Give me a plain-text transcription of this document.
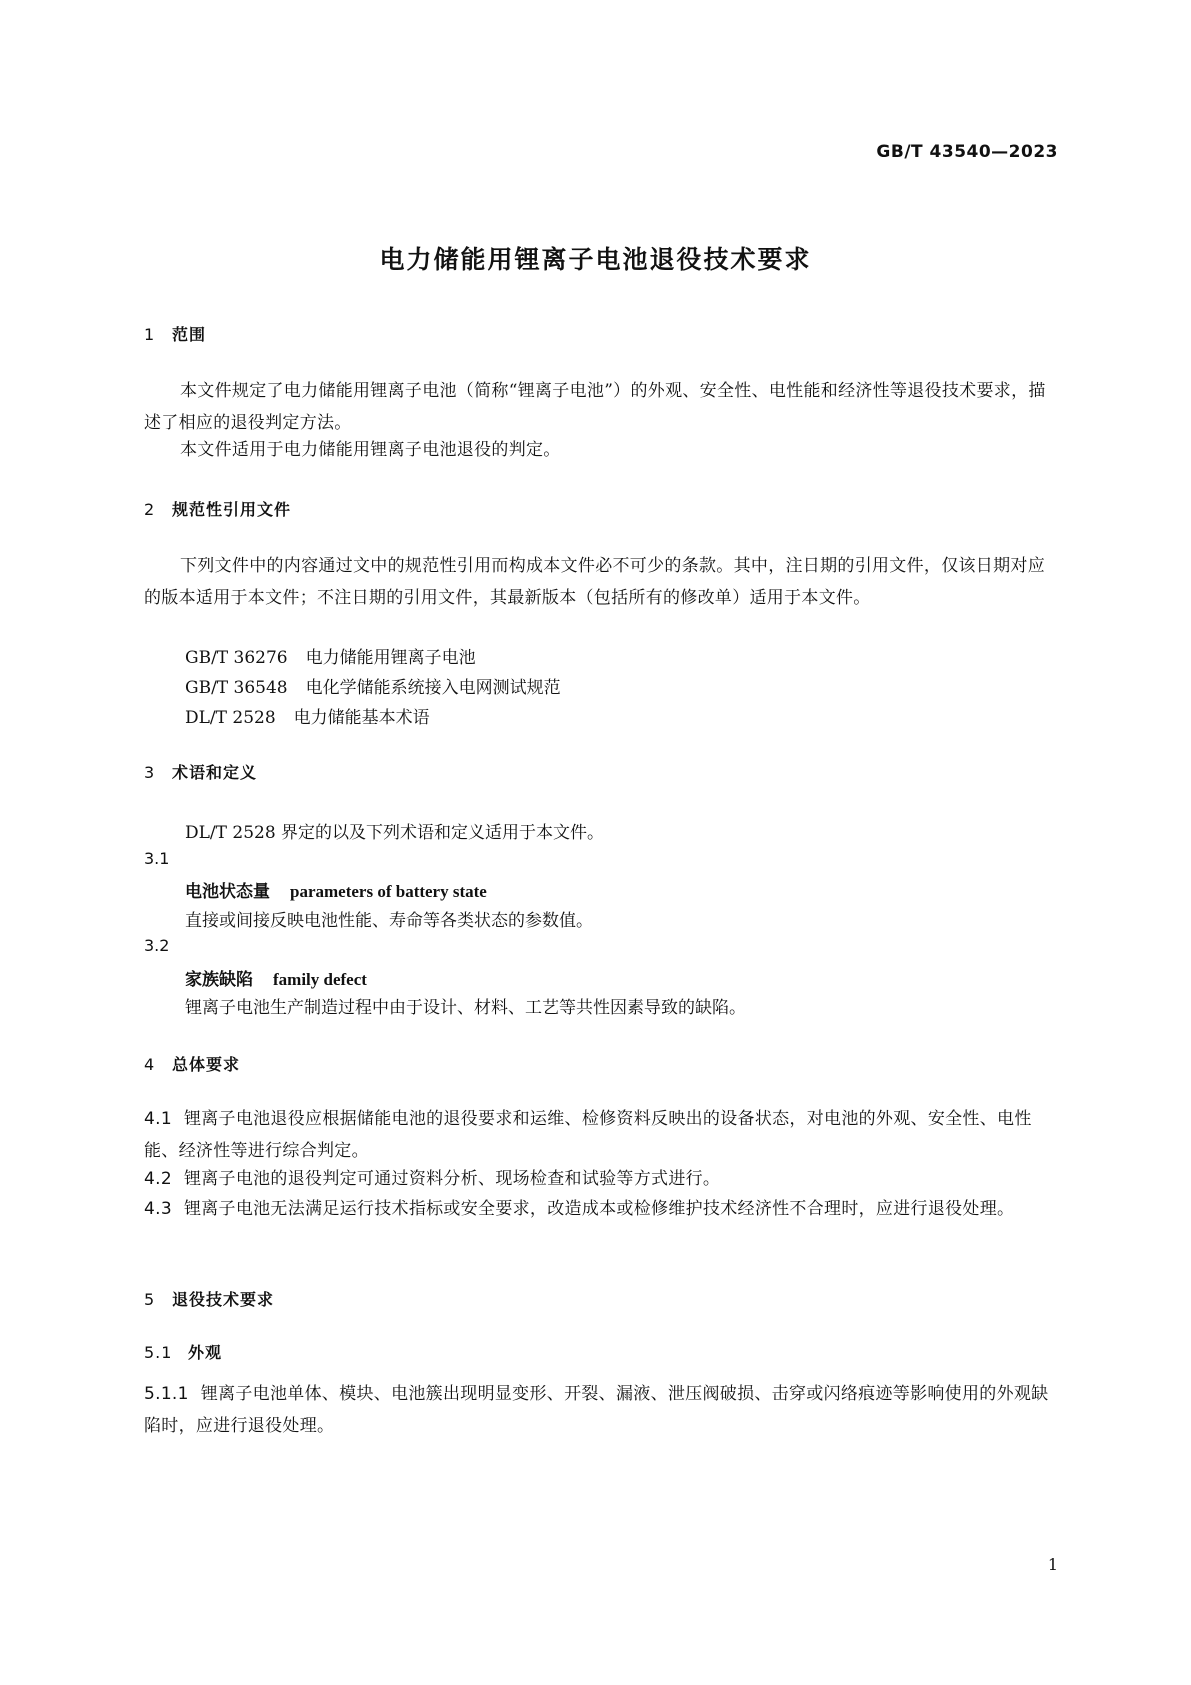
GB/T 43540—2023
电力储能用锂离子电池退役技术要求
1 范围
本文件规定了电力储能用锂离子电池（简称“锂离子电池”）的外观、安全性、电性能和经济性等退役技术要求，描述了相应的退役判定方法。
本文件适用于电力储能用锂离子电池退役的判定。
2 规范性引用文件
下列文件中的内容通过文中的规范性引用而构成本文件必不可少的条款。其中，注日期的引用文件，仅该日期对应的版本适用于本文件；不注日期的引用文件，其最新版本（包括所有的修改单）适用于本文件。
GB/T 36276 电力储能用锂离子电池
GB/T 36548 电化学储能系统接入电网测试规范
DL/T 2528 电力储能基本术语
3 术语和定义
DL/T 2528 界定的以及下列术语和定义适用于本文件。
3.1
电池状态量 parameters of battery state
直接或间接反映电池性能、寿命等各类状态的参数值。
3.2
家族缺陷 family defect
锂离子电池生产制造过程中由于设计、材料、工艺等共性因素导致的缺陷。
4 总体要求
4.1 锂离子电池退役应根据储能电池的退役要求和运维、检修资料反映出的设备状态，对电池的外观、安全性、电性能、经济性等进行综合判定。
4.2 锂离子电池的退役判定可通过资料分析、现场检查和试验等方式进行。
4.3 锂离子电池无法满足运行技术指标或安全要求，改造成本或检修维护技术经济性不合理时，应进行退役处理。
5 退役技术要求
5.1 外观
5.1.1 锂离子电池单体、模块、电池簇出现明显变形、开裂、漏液、泄压阀破损、击穿或闪络痕迹等影响使用的外观缺陷时，应进行退役处理。
1
